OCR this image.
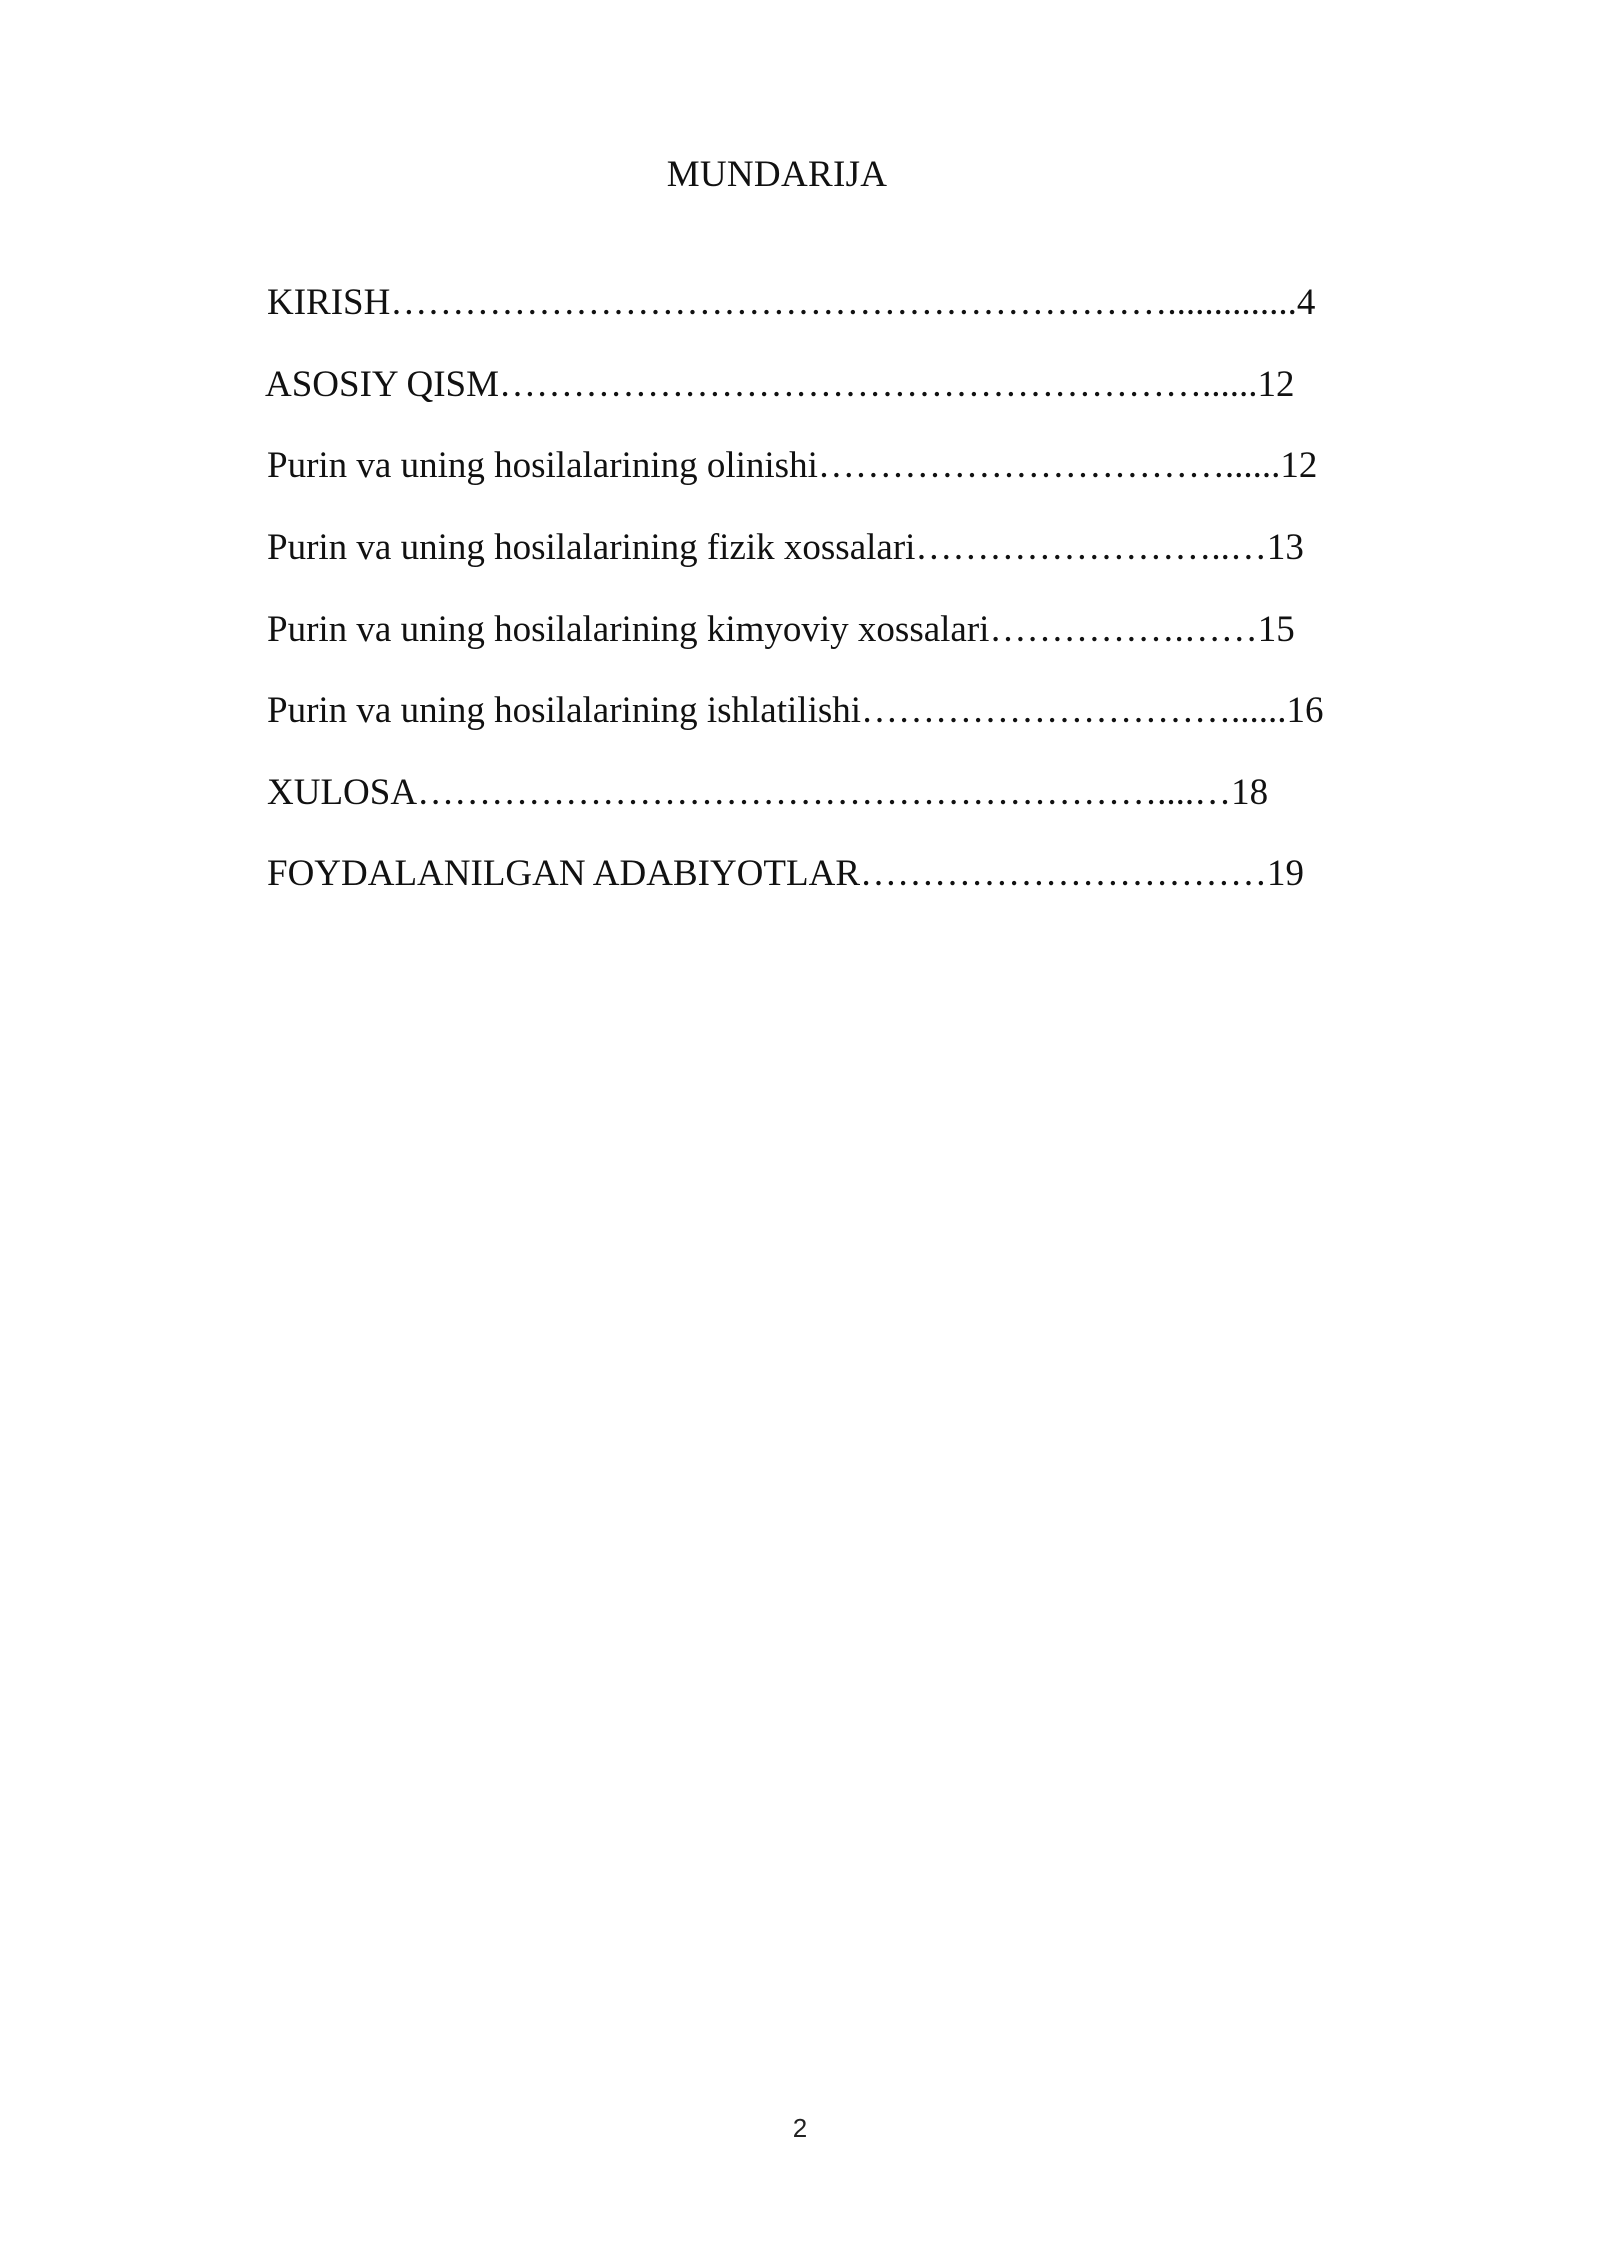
MUNDARIJA

KIRISH………………………………………………………..............4

ASOSIY QISM…………………………………………………......12

Purin va uning hosilalarining olinishi……………………………......12

Purin va uning hosilalarining fizik xossalari……………………..…13

Purin va uning hosilalarining kimyoviy xossalari…………….……15

Purin va uning hosilalarining ishlatilishi…………………………......16

XULOSA……………………………………………………....…18

FOYDALANILGAN ADABIYOTLAR……………………………19

2
